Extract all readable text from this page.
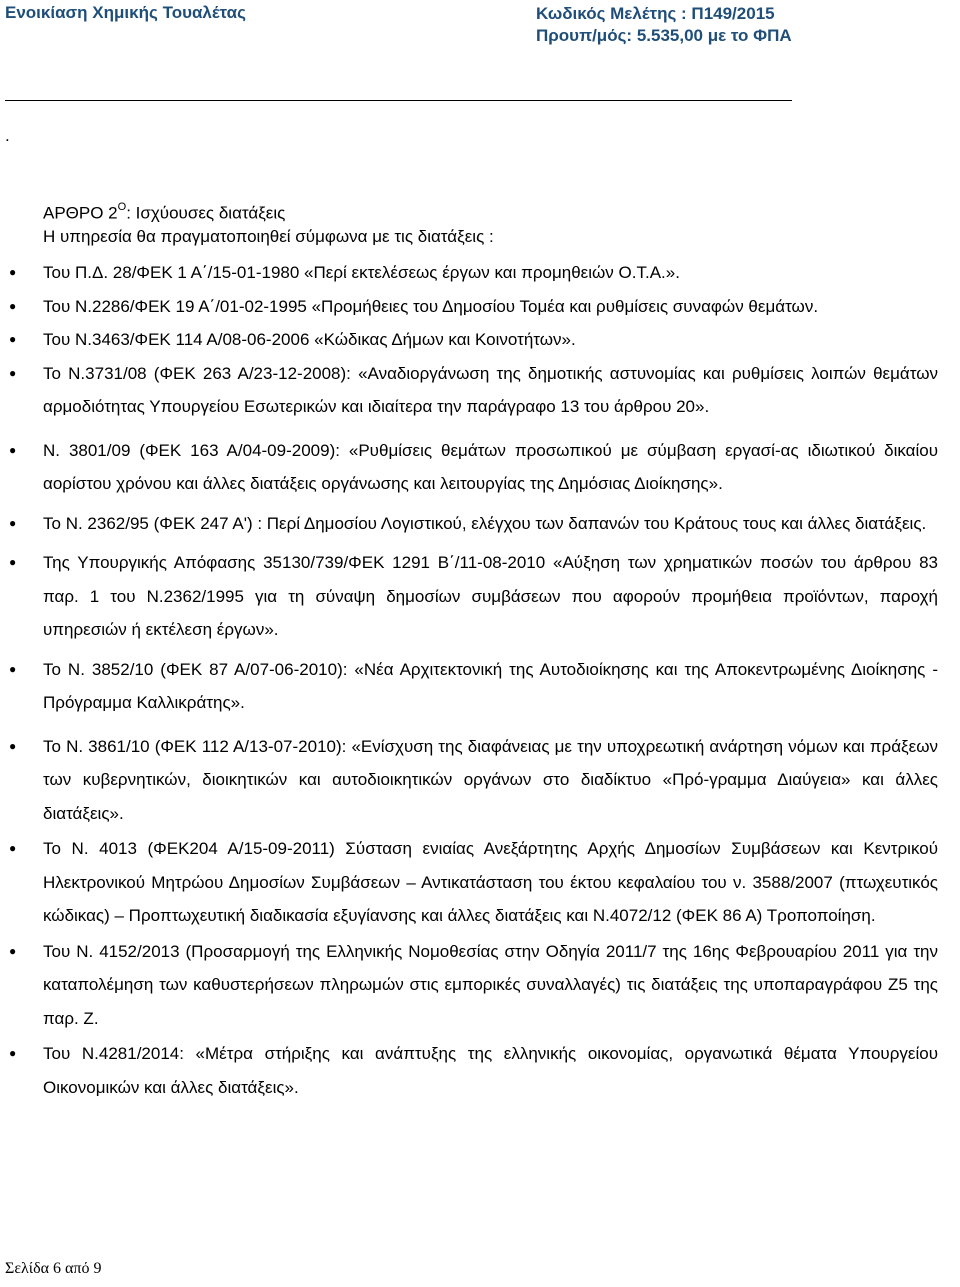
Ενοικίαση Χημικής Τουαλέτας	Κωδικός Μελέτης : Π149/2015
Προυπ/μός: 5.535,00 με το ΦΠΑ
.
ΑΡΘΡΟ $2^O$: Ισχύουσες διατάξεις
Η υπηρεσία θα πραγματοποιηθεί σύμφωνα με τις διατάξεις :
● Του Π.Δ. 28/ΦΕΚ 1 Α΄/15-01-1980 «Περί εκτελέσεως έργων και προμηθειών Ο.Τ.Α.».
● Του Ν.2286/ΦΕΚ 19 Α΄/01-02-1995 «Προμήθειες του Δημοσίου Τομέα και ρυθμίσεις συναφών θεμάτων.
● Του Ν.3463/ΦΕΚ 114 Α/08-06-2006 «Κώδικας Δήμων και Κοινοτήτων».
● Το Ν.3731/08 (ΦΕΚ 263 Α/23-12-2008): «Αναδιοργάνωση της δημοτικής αστυνομίας και ρυθμίσεις λοιπών θεμάτων αρμοδιότητας Υπουργείου Εσωτερικών και ιδιαίτερα την παράγραφο 13 του άρθρου 20».
● Ν. 3801/09 (ΦΕΚ 163 Α/04-09-2009): «Ρυθμίσεις θεμάτων προσωπικού με σύμβαση εργασί-ας ιδιωτικού δικαίου αορίστου χρόνου και άλλες διατάξεις οργάνωσης και λειτουργίας της Δημόσιας Διοίκησης».
● Το Ν. 2362/95 (ΦΕΚ 247 Α') : Περί Δημοσίου Λογιστικού, ελέγχου των δαπανών του Κράτους τους και άλλες διατάξεις.
● Της Υπουργικής Απόφασης 35130/739/ΦΕΚ 1291 Β΄/11-08-2010 «Αύξηση των χρηματικών ποσών του άρθρου 83 παρ. 1 του Ν.2362/1995 για τη σύναψη δημοσίων συμβάσεων που αφορούν προμήθεια προϊόντων, παροχή υπηρεσιών ή εκτέλεση έργων».
● Το Ν. 3852/10 (ΦΕΚ 87 Α/07-06-2010): «Νέα Αρχιτεκτονική της Αυτοδιοίκησης και της Αποκεντρωμένης Διοίκησης - Πρόγραμμα Καλλικράτης».
● Το Ν. 3861/10 (ΦΕΚ 112 Α/13-07-2010): «Ενίσχυση της διαφάνειας με την υποχρεωτική ανάρτηση νόμων και πράξεων των κυβερνητικών, διοικητικών και αυτοδιοικητικών οργάνων στο διαδίκτυο «Πρό-γραμμα Διαύγεια» και άλλες διατάξεις».
● Το Ν. 4013 (ΦΕΚ204 Α/15-09-2011) Σύσταση ενιαίας Ανεξάρτητης Αρχής Δημοσίων Συμβάσεων και Κεντρικού Ηλεκτρονικού Μητρώου Δημοσίων Συμβάσεων – Αντικατάσταση του έκτου κεφαλαίου του ν. 3588/2007 (πτωχευτικός κώδικας) – Προπτωχευτική διαδικασία εξυγίανσης και άλλες διατάξεις και Ν.4072/12 (ΦΕΚ 86 Α) Τροποποίηση.
● Του Ν. 4152/2013 (Προσαρμογή της Ελληνικής Νομοθεσίας στην Οδηγία 2011/7 της 16ης Φεβρουαρίου 2011 για την καταπολέμηση των καθυστερήσεων πληρωμών στις εμπορικές συναλλαγές) τις διατάξεις της υποπαραγράφου Ζ5 της παρ. Ζ.
● Του Ν.4281/2014: «Μέτρα στήριξης και ανάπτυξης της ελληνικής οικονομίας, οργανωτικά θέματα Υπουργείου Οικονομικών και άλλες διατάξεις».
Σελίδα 6 από 9
